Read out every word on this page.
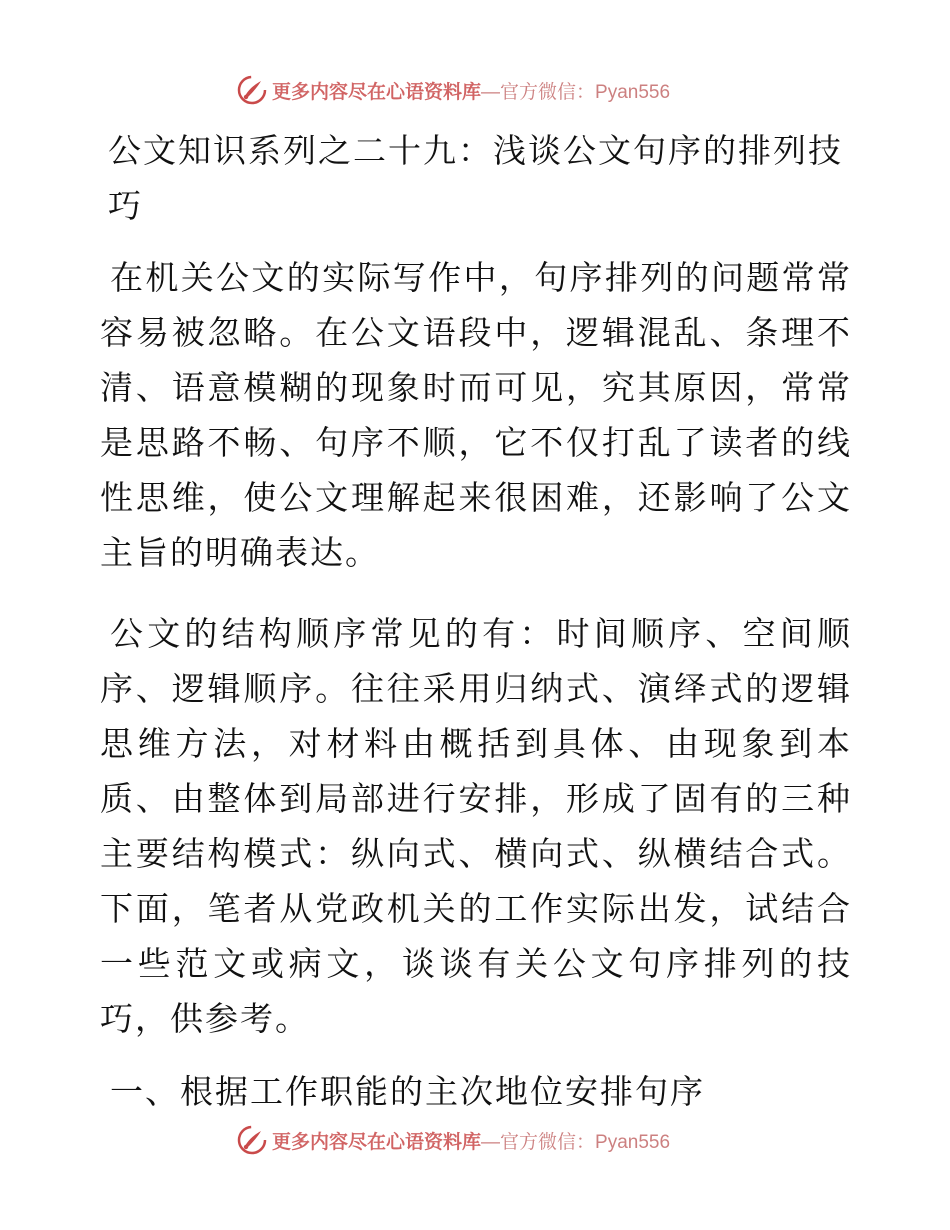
更多内容尽在心语资料库—官方微信：Pyan556
公文知识系列之二十九：浅谈公文句序的排列技巧

在机关公文的实际写作中，句序排列的问题常常容易被忽略。在公文语段中，逻辑混乱、条理不清、语意模糊的现象时而可见，究其原因，常常是思路不畅、句序不顺，它不仅打乱了读者的线性思维，使公文理解起来很困难，还影响了公文主旨的明确表达。

公文的结构顺序常见的有：时间顺序、空间顺序、逻辑顺序。往往采用归纳式、演绎式的逻辑思维方法，对材料由概括到具体、由现象到本质、由整体到局部进行安排，形成了固有的三种主要结构模式：纵向式、横向式、纵横结合式。下面，笔者从党政机关的工作实际出发，试结合一些范文或病文，谈谈有关公文句序排列的技巧，供参考。

一、根据工作职能的主次地位安排句序

更多内容尽在心语资料库—官方微信：Pyan556
